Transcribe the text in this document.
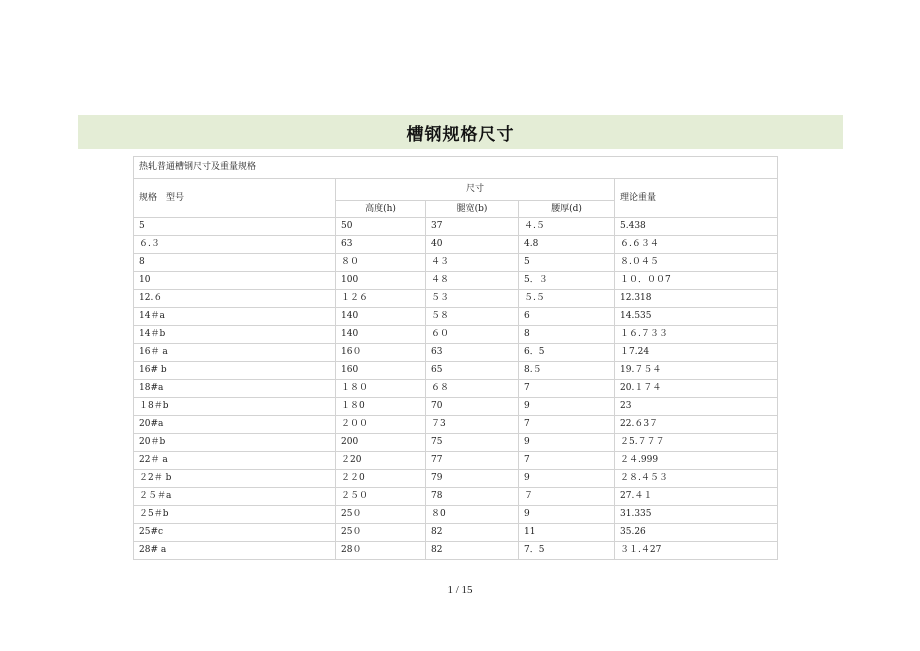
槽钢规格尺寸
热轧普通槽钢尺寸及重量规格				
规格　型号	尺寸			理论重量
	高度(h)	腿宽(b)	腰厚(d)	
5	50	37	４.５	5.438
６.３	63	40	4.8	６.６３４
8	８０	４３	5	８.０４５
10	100	４８	5．３	１０．００7
12.６	１２６	５３	５.５	12.318
14＃a	140	５８	6	14.535
14＃b	140	６０	8	１６.７３３
16＃ a	16０	63	6．5	１7.24
16# b	160	65	8.５	19.７５４
18#a	１８０	６８	7	20.１７４
１8＃b	１８0	70	9	23
20#a	２００	７3	7	22.６3７
20＃b	200	75	9	２5.７７７
22＃ a	２20	77	7	２４.999
２2＃ b	２２0	79	9	２８.４５３
２５＃a	２５０	78	７	27.４１
２5＃b	25０	８0	9	31.335
25#c	25０	82	11	35.26
28# a	28０	82	7．5	３１.４27
1 / 15
